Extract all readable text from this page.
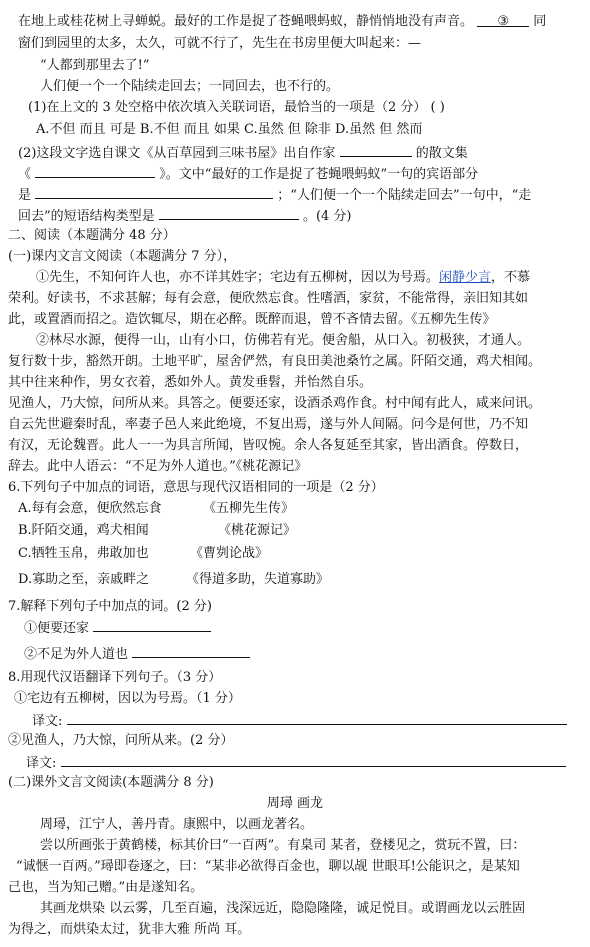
在地上或桂花树上寻蝉蜕。最好的工作是捉了苍蝇喂蚂蚁，静悄悄地没有声音。 ③ 同
窗们到园里的太多，太久，可就不行了，先生在书房里便大叫起来：—
“人都到那里去了!”
人们便一个一个陆续走回去；一同回去，也不行的。
(1)在上文的 3 处空格中依次填入关联词语，最恰当的一项是（2 分） ( )
A.不但 而且 可是 B.不但 而且 如果 C.虽然 但 除非 D.虽然 但 然而
(2)这段文字选自课文《从百草园到三味书屋》出自作家	的散文集
《	》。文中“最好的工作是捉了苍蝇喂蚂蚁”一句的宾语部分
是	；“人们便一个一个陆续走回去”一句中，“走
回去”的短语结构类型是	。(4 分)
二、阅读（本题满分 48 分）
(一)课内文言文阅读（本题满分 7 分），
①先生，不知何许人也，亦不详其姓字；宅边有五柳树，因以为号焉。闲静少言，不慕
荣利。好读书，不求甚解；每有会意，便欣然忘食。性嗜酒，家贫，不能常得，亲旧知其如
此，或置酒而招之。造饮辄尽，期在必醉。既醉而退，曾不吝情去留。《五柳先生传》
②林尽水源，便得一山，山有小口，仿佛若有光。便舍船，从口入。初极狭，才通人。
复行数十步，豁然开朗。土地平旷，屋舍俨然，有良田美池桑竹之属。阡陌交通，鸡犬相闻。
其中往来种作，男女衣着，悉如外人。黄发垂髫，并怡然自乐。
见渔人，乃大惊，问所从来。具答之。便要还家，设酒杀鸡作食。村中闻有此人，咸来问讯。
自云先世避秦时乱，率妻子邑人来此绝境，不复出焉，遂与外人间隔。问今是何世，乃不知
有汉，无论魏晋。此人一一为具言所闻，皆叹惋。余人各复延至其家，皆出酒食。停数日，
辞去。此中人语云：“不足为外人道也。”《桃花源记》
6.下列句子中加点的词语，意思与现代汉语相同的一项是（2 分）
A.每有会意，便欣然忘食	《五柳先生传》
B.阡陌交通，鸡犬相闻	《桃花源记》
C.牺牲玉帛，弗敢加也	《曹刿论战》
D.寡助之至，亲戚畔之	《得道多助，失道寡助》
7.解释下列句子中加点的词。(2 分)
①便要还家
②不足为外人道也
8.用现代汉语翻译下列句子。（3 分）
①宅边有五柳树，因以为号焉。（1 分）
译文:
②见渔人，乃大惊，问所从来。(2 分）
译文:
(二)课外文言文阅读(本题满分 8 分)
周璕 画龙
周璕，江宁人，善丹青。康熙中，以画龙著名。
尝以所画张于黄鹤楼，标其价曰“一百两”。有臬司 某者，登楼见之，赏玩不置，曰：
“诚惬一百两。”璕即卷逐之，曰：“某非必欲得百金也，聊以觇 世眼耳!公能识之，是某知
己也，当为知己赠。”由是遂知名。
其画龙烘染 以云雾，几至百遍，浅深远近，隐隐隆隆，诚足悦目。或谓画龙以云胜固
为得之，而烘染太过，犹非大雅 所尚 耳。
